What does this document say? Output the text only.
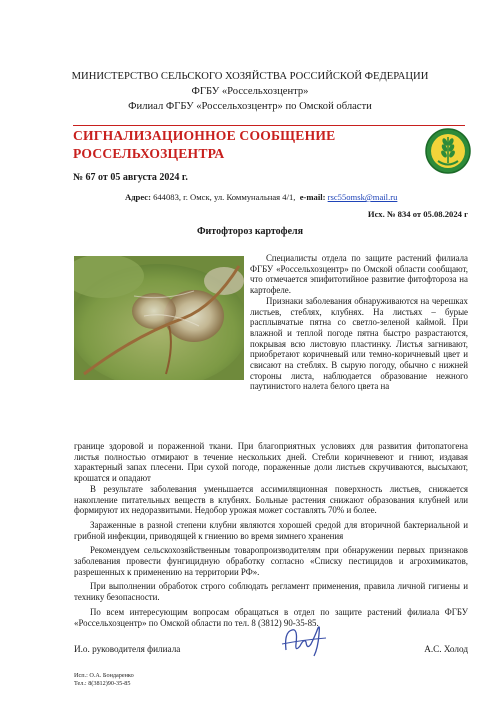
МИНИСТЕРСТВО СЕЛЬСКОГО ХОЗЯЙСТВА РОССИЙСКОЙ ФЕДЕРАЦИИ
ФГБУ «Россельхозцентр»
Филиал ФГБУ «Россельхозцентр» по Омской области
СИГНАЛИЗАЦИОННОЕ СООБЩЕНИЕ
РОССЕЛЬХОЗЦЕНТРА
№ 67 от 05 августа 2024 г.
Адрес: 644083, г. Омск, ул. Коммунальная 4/1, e-mail: rsc55omsk@mail.ru
Исх. № 834 от 05.08.2024 г
Фитофтороз картофеля
Специалисты отдела по защите растений филиала ФГБУ «Россельхозцентр» по Омской области сообщают, что отмечается эпифитотийное развитие фитофтороза на картофеле.
Признаки заболевания обнаруживаются на черешках листьев, стеблях, клубнях. На листьях – бурые расплывчатые пятна со светло-зеленой каймой. При влажной и теплой погоде пятна быстро разрастаются, покрывая всю листовую пластинку. Листья загнивают, приобретают коричневый или темно-коричневый цвет и свисают на стеблях. В сырую погоду, обычно с нижней стороны листа, наблюдается образование нежного паутинистого налета белого цвета на
границе здоровой и пораженной ткани. При благоприятных условиях для развития фитопатогена листья полностью отмирают в течение нескольких дней. Стебли коричневеют и гниют, издавая характерный запах плесени. При сухой погоде, пораженные доли листьев скручиваются, высыхают, крошатся и опадают
В результате заболевания уменьшается ассимиляционная поверхность листьев, снижается накопление питательных веществ в клубнях. Больные растения снижают образования клубней или формируют их недоразвитыми. Недобор урожая может составлять 70% и более.
Зараженные в разной степени клубни являются хорошей средой для вторичной бактериальной и грибной инфекции, приводящей к гниению во время зимнего хранения
Рекомендуем сельскохозяйственным товаропроизводителям при обнаружении первых признаков заболевания провести фунгицидную обработку согласно «Списку пестицидов и агрохимикатов, разрешенных к применению на территории РФ».
При выполнении обработок строго соблюдать регламент применения, правила личной гигиены и технику безопасности.
По всем интересующим вопросам обращаться в отдел по защите растений филиала ФГБУ «Россельхозцентр» по Омской области по тел. 8 (3812) 90-35-85.
И.о. руководителя филиала	А.С. Холод
Исп.: О.А. Бондаренко
Тел.: 8(3812)90-35-85
